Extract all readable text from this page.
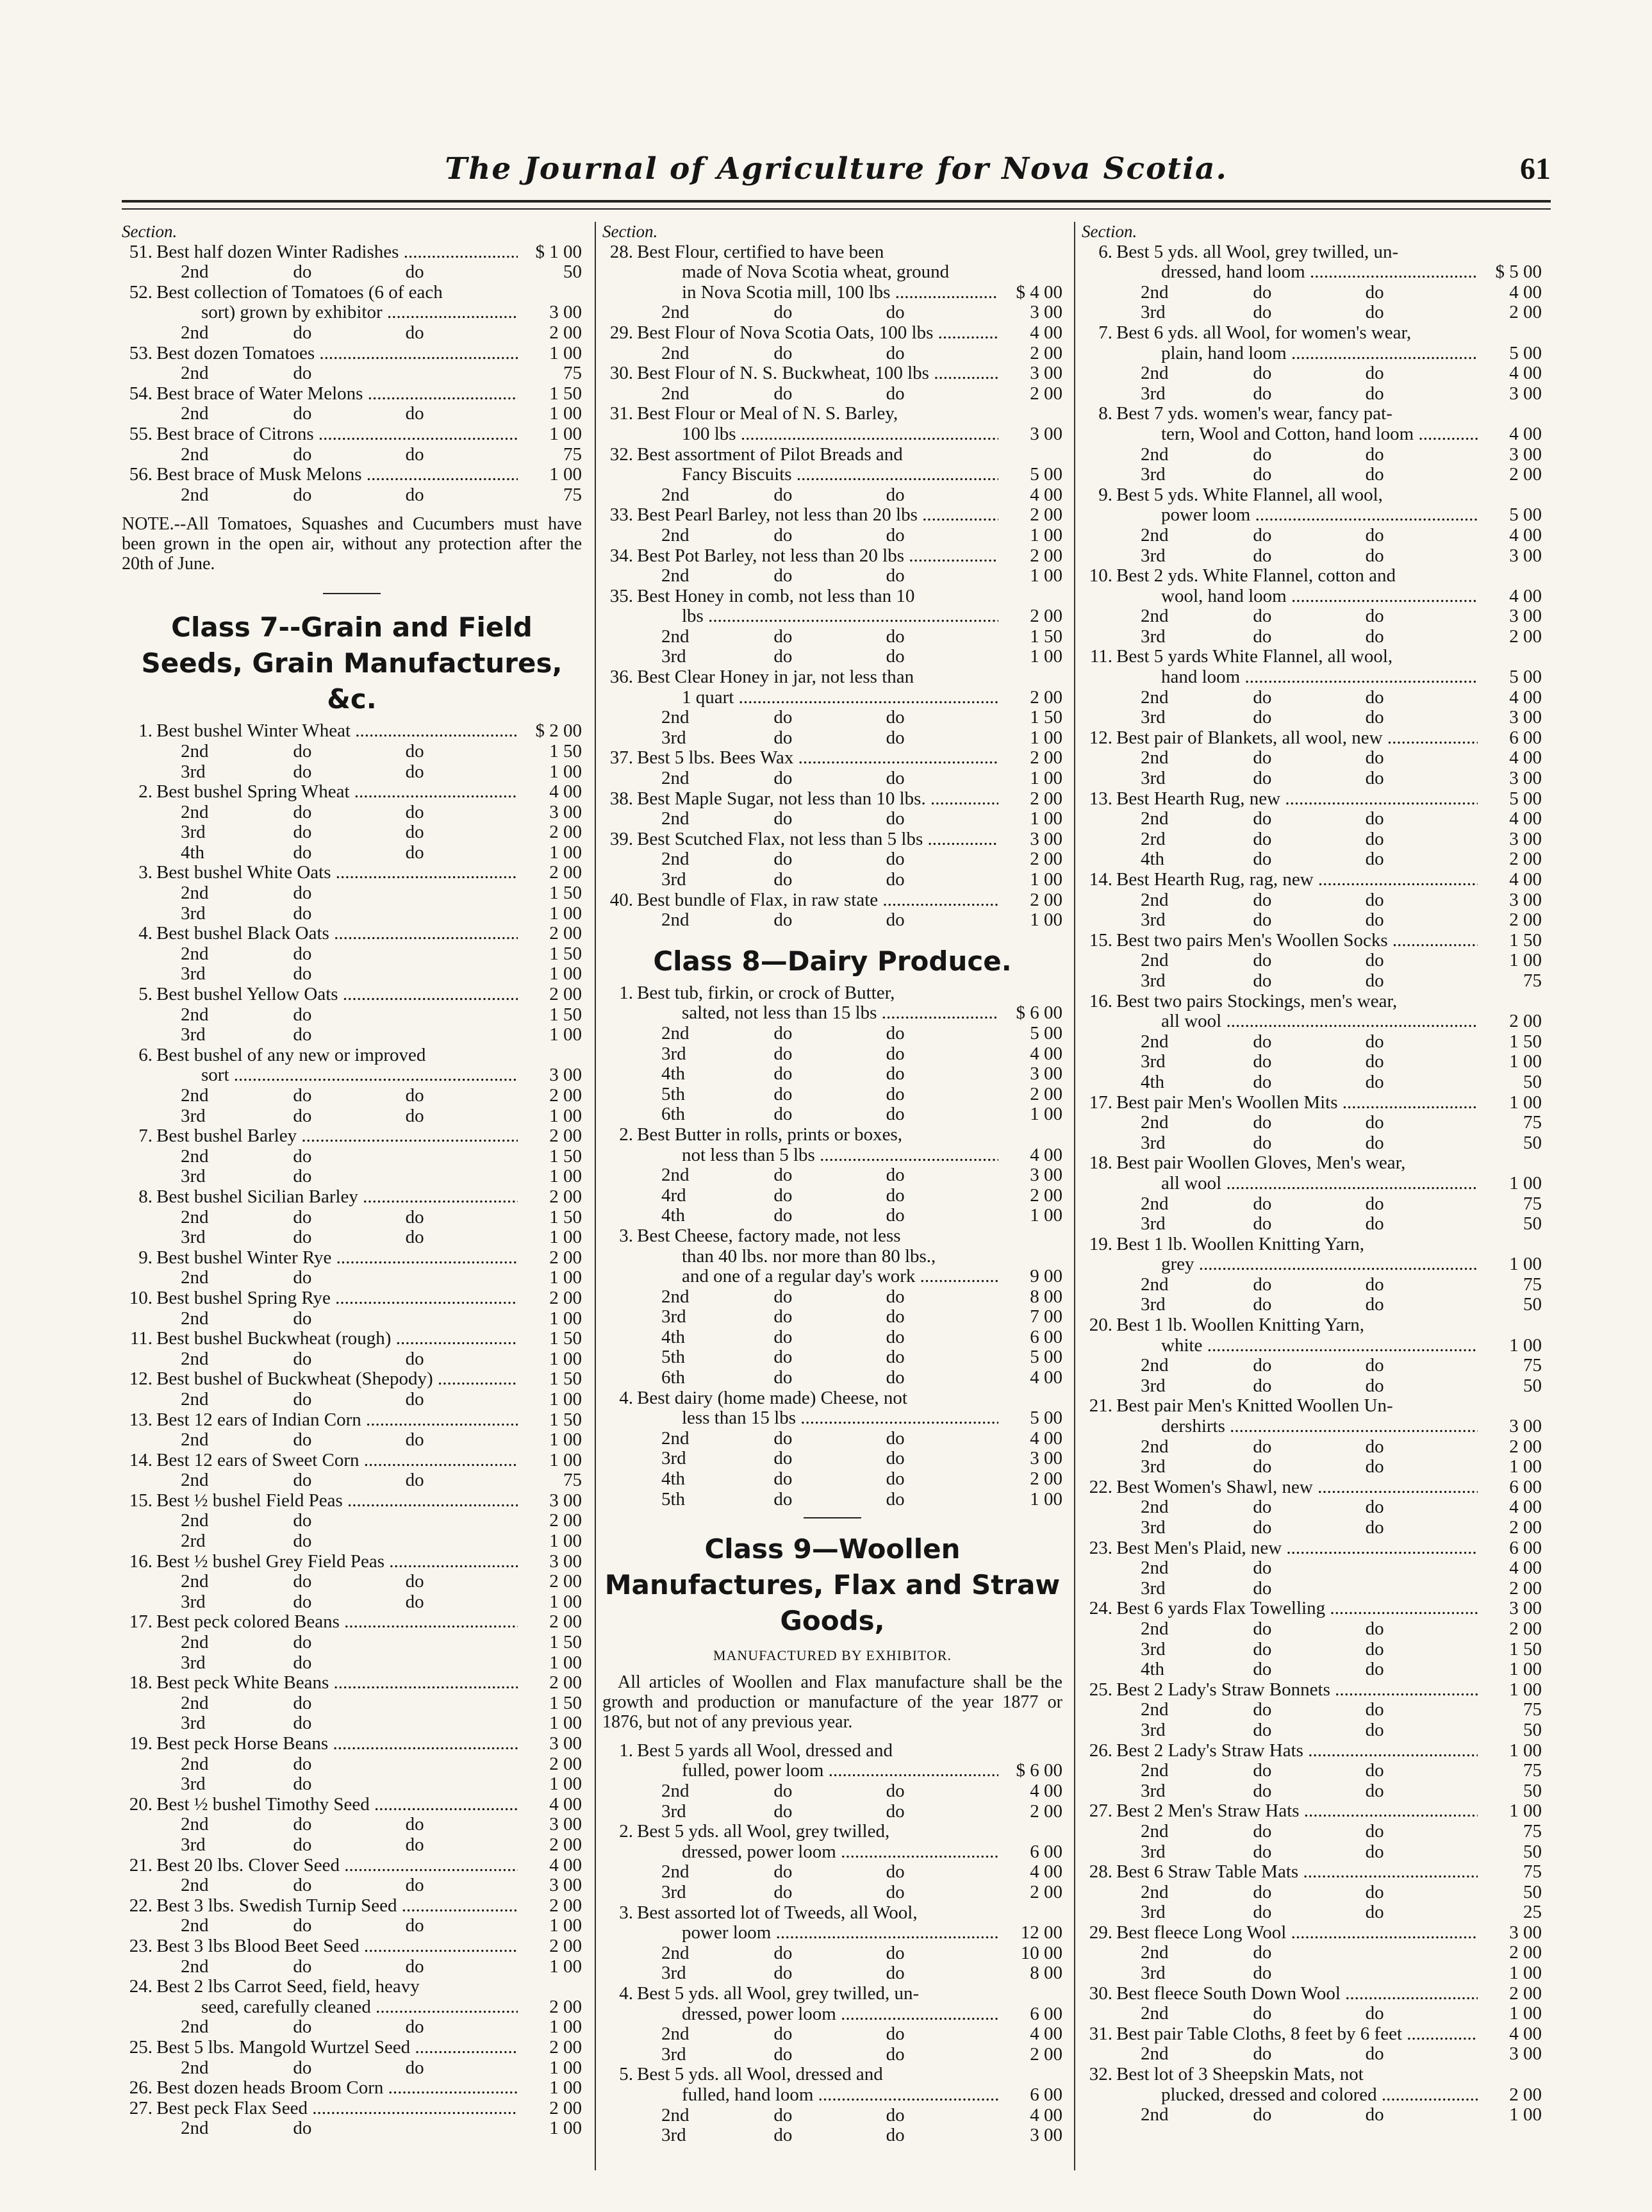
The Journal of Agriculture for Nova Scotia.	61
Section.
51. Best half dozen Winter Radishes .....	$ 1 00
2nd	do	do	50
52. Best collection of Tomatoes (6 of each
sort) grown by exhibitor .....	3 00
2nd	do	do	2 00
53. Best dozen Tomatoes .....	1 00
2nd	do	75
54. Best brace of Water Melons .....	1 50
2nd	do	do	1 00
55. Best brace of Citrons .....	1 00
2nd	do	do	75
56. Best brace of Musk Melons .....	1 00
2nd	do	do	75
NOTE.--All Tomatoes, Squashes and Cucumbers must have been grown in the open air, without any protection after the 20th of June.
Class 7--Grain and Field Seeds, Grain Manufactures, &c.
1. Best bushel Winter Wheat .....	$ 2 00
2nd	do	do	1 50
3rd	do	do	1 00
2. Best bushel Spring Wheat .....	4 00
2nd	do	do	3 00
3rd	do	do	2 00
4th	do	do	1 00
3. Best bushel White Oats .....	2 00
2nd	do	1 50
3rd	do	1 00
4. Best bushel Black Oats .....	2 00
2nd	do	1 50
3rd	do	1 00
5. Best bushel Yellow Oats .....	2 00
2nd	do	1 50
3rd	do	1 00
6. Best bushel of any new or improved
sort .....	3 00
2nd	do	do	2 00
3rd	do	do	1 00
7. Best bushel Barley .....	2 00
2nd	do	1 50
3rd	do	1 00
8. Best bushel Sicilian Barley .....	2 00
2nd	do	do	1 50
3rd	do	do	1 00
9. Best bushel Winter Rye .....	2 00
2nd	do	1 00
10. Best bushel Spring Rye .....	2 00
2nd	do	1 00
11. Best bushel Buckwheat (rough) .....	1 50
2nd	do	do	1 00
12. Best bushel of Buckwheat (Shepody) .....	1 50
2nd	do	do	1 00
13. Best 12 ears of Indian Corn .....	1 50
2nd	do	do	1 00
14. Best 12 ears of Sweet Corn .....	1 00
2nd	do	do	75
15. Best ½ bushel Field Peas .....	3 00
2nd	do	2 00
2rd	do	1 00
16. Best ½ bushel Grey Field Peas .....	3 00
2nd	do	do	2 00
3rd	do	do	1 00
17. Best peck colored Beans .....	2 00
2nd	do	1 50
3rd	do	1 00
18. Best peck White Beans .....	2 00
2nd	do	1 50
3rd	do	1 00
19. Best peck Horse Beans .....	3 00
2nd	do	2 00
3rd	do	1 00
20. Best ½ bushel Timothy Seed .....	4 00
2nd	do	do	3 00
3rd	do	do	2 00
21. Best 20 lbs. Clover Seed .....	4 00
2nd	do	do	3 00
22. Best 3 lbs. Swedish Turnip Seed .....	2 00
2nd	do	do	1 00
23. Best 3 lbs Blood Beet Seed .....	2 00
2nd	do	do	1 00
24. Best 2 lbs Carrot Seed, field, heavy
seed, carefully cleaned .....	2 00
2nd	do	do	1 00
25. Best 5 lbs. Mangold Wurtzel Seed .....	2 00
2nd	do	do	1 00
26. Best dozen heads Broom Corn .....	1 00
27. Best peck Flax Seed .....	2 00
2nd	do	1 00
Section.
28. Best Flour, certified to have been
made of Nova Scotia wheat, ground
in Nova Scotia mill, 100 lbs .....	$ 4 00
2nd	do	do	3 00
29. Best Flour of Nova Scotia Oats, 100 lbs .....	4 00
2nd	do	do	2 00
30. Best Flour of N. S. Buckwheat, 100 lbs .....	3 00
2nd	do	do	2 00
31. Best Flour or Meal of N. S. Barley,
100 lbs .....	3 00
32. Best assortment of Pilot Breads and
Fancy Biscuits .....	5 00
2nd	do	do	4 00
33. Best Pearl Barley, not less than 20 lbs .....	2 00
2nd	do	do	1 00
34. Best Pot Barley, not less than 20 lbs .....	2 00
2nd	do	do	1 00
35. Best Honey in comb, not less than 10
lbs .....	2 00
2nd	do	do	1 50
3rd	do	do	1 00
36. Best Clear Honey in jar, not less than
1 quart .....	2 00
2nd	do	do	1 50
3rd	do	do	1 00
37. Best 5 lbs. Bees Wax .....	2 00
2nd	do	do	1 00
38. Best Maple Sugar, not less than 10 lbs. .....	2 00
2nd	do	do	1 00
39. Best Scutched Flax, not less than 5 lbs .....	3 00
2nd	do	do	2 00
3rd	do	do	1 00
40. Best bundle of Flax, in raw state .....	2 00
2nd	do	do	1 00
Class 8—Dairy Produce.
1. Best tub, firkin, or crock of Butter,
salted, not less than 15 lbs .....	$ 6 00
2nd	do	do	5 00
3rd	do	do	4 00
4th	do	do	3 00
5th	do	do	2 00
6th	do	do	1 00
2. Best Butter in rolls, prints or boxes,
not less than 5 lbs .....	4 00
2nd	do	do	3 00
4rd	do	do	2 00
4th	do	do	1 00
3. Best Cheese, factory made, not less
than 40 lbs. nor more than 80 lbs.,
and one of a regular day's work .....	9 00
2nd	do	do	8 00
3rd	do	do	7 00
4th	do	do	6 00
5th	do	do	5 00
6th	do	do	4 00
4. Best dairy (home made) Cheese, not
less than 15 lbs .....	5 00
2nd	do	do	4 00
3rd	do	do	3 00
4th	do	do	2 00
5th	do	do	1 00
Class 9—Woollen Manufactures, Flax and Straw Goods,
MANUFACTURED BY EXHIBITOR.
All articles of Woollen and Flax manufacture shall be the growth and production or manufacture of the year 1877 or 1876, but not of any previous year.
1. Best 5 yards all Wool, dressed and
fulled, power loom .....	$ 6 00
2nd	do	do	4 00
3rd	do	do	2 00
2. Best 5 yds. all Wool, grey twilled,
dressed, power loom .....	6 00
2nd	do	do	4 00
3rd	do	do	2 00
3. Best assorted lot of Tweeds, all Wool,
power loom .....	12 00
2nd	do	do	10 00
3rd	do	do	8 00
4. Best 5 yds. all Wool, grey twilled, un-
dressed, power loom .....	6 00
2nd	do	do	4 00
3rd	do	do	2 00
5. Best 5 yds. all Wool, dressed and
fulled, hand loom .....	6 00
2nd	do	do	4 00
3rd	do	do	3 00
Section.
6. Best 5 yds. all Wool, grey twilled, un-
dressed, hand loom .....	$ 5 00
2nd	do	do	4 00
3rd	do	do	2 00
7. Best 6 yds. all Wool, for women's wear,
plain, hand loom .....	5 00
2nd	do	do	4 00
3rd	do	do	3 00
8. Best 7 yds. women's wear, fancy pat-
tern, Wool and Cotton, hand loom .....	4 00
2nd	do	do	3 00
3rd	do	do	2 00
9. Best 5 yds. White Flannel, all wool,
power loom .....	5 00
2nd	do	do	4 00
3rd	do	do	3 00
10. Best 2 yds. White Flannel, cotton and
wool, hand loom .....	4 00
2nd	do	do	3 00
3rd	do	do	2 00
11. Best 5 yards White Flannel, all wool,
hand loom .....	5 00
2nd	do	do	4 00
3rd	do	do	3 00
12. Best pair of Blankets, all wool, new .....	6 00
2nd	do	do	4 00
3rd	do	do	3 00
13. Best Hearth Rug, new .....	5 00
2nd	do	do	4 00
2rd	do	do	3 00
4th	do	do	2 00
14. Best Hearth Rug, rag, new .....	4 00
2nd	do	do	3 00
3rd	do	do	2 00
15. Best two pairs Men's Woollen Socks .....	1 50
2nd	do	do	1 00
3rd	do	do	75
16. Best two pairs Stockings, men's wear,
all wool .....	2 00
2nd	do	do	1 50
3rd	do	do	1 00
4th	do	do	50
17. Best pair Men's Woollen Mits .....	1 00
2nd	do	do	75
3rd	do	do	50
18. Best pair Woollen Gloves, Men's wear,
all wool .....	1 00
2nd	do	do	75
3rd	do	do	50
19. Best 1 lb. Woollen Knitting Yarn,
grey .....	1 00
2nd	do	do	75
3rd	do	do	50
20. Best 1 lb. Woollen Knitting Yarn,
white .....	1 00
2nd	do	do	75
3rd	do	do	50
21. Best pair Men's Knitted Woollen Un-
dershirts .....	3 00
2nd	do	do	2 00
3rd	do	do	1 00
22. Best Women's Shawl, new .....	6 00
2nd	do	do	4 00
3rd	do	do	2 00
23. Best Men's Plaid, new .....	6 00
2nd	do	4 00
3rd	do	2 00
24. Best 6 yards Flax Towelling .....	3 00
2nd	do	do	2 00
3rd	do	do	1 50
4th	do	do	1 00
25. Best 2 Lady's Straw Bonnets .....	1 00
2nd	do	do	75
3rd	do	do	50
26. Best 2 Lady's Straw Hats .....	1 00
2nd	do	do	75
3rd	do	do	50
27. Best 2 Men's Straw Hats .....	1 00
2nd	do	do	75
3rd	do	do	50
28. Best 6 Straw Table Mats .....	75
2nd	do	do	50
3rd	do	do	25
29. Best fleece Long Wool .....	3 00
2nd	do	2 00
3rd	do	1 00
30. Best fleece South Down Wool .....	2 00
2nd	do	do	1 00
31. Best pair Table Cloths, 8 feet by 6 feet .....	4 00
2nd	do	do	3 00
32. Best lot of 3 Sheepskin Mats, not
plucked, dressed and colored .....	2 00
2nd	do	do	1 00
